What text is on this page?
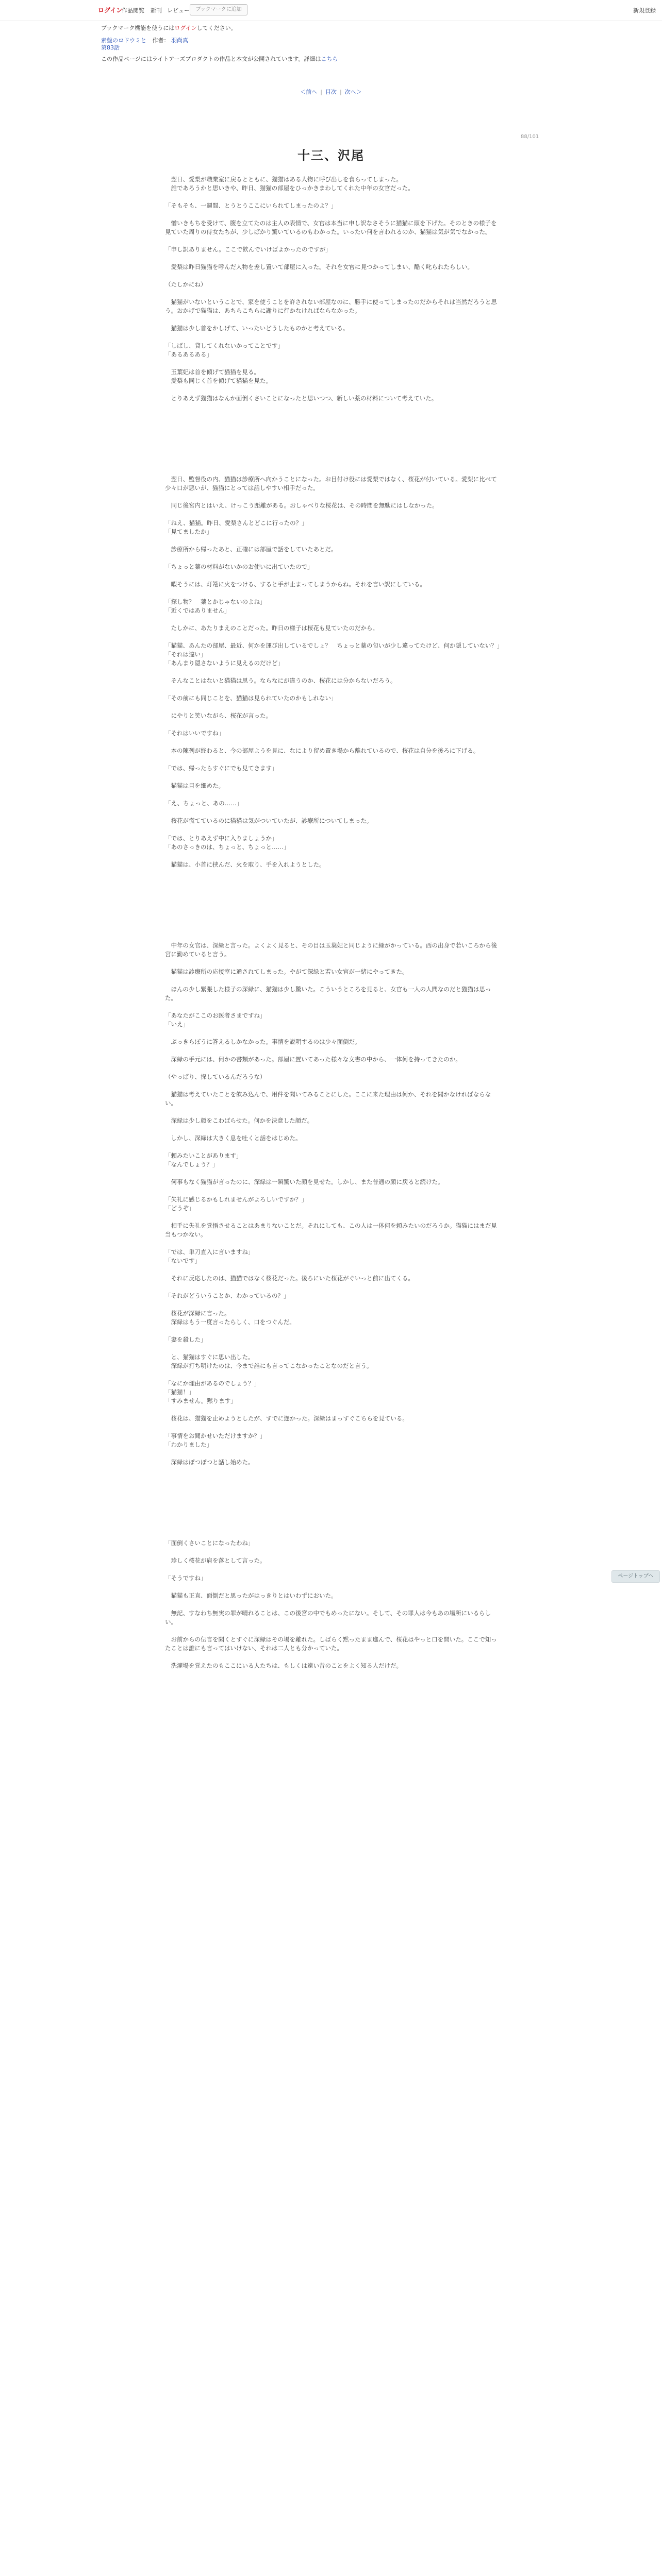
ログイン
作品閲覧 新刊 レビュー	ブックマークに追加	新規登録
ブックマーク機能を使うにはログインしてください。
素盤のロドウミと 作者： 羽尚真
第83話
この作品ページにはライトアーズプロダクトの作品と本文が公開されています。詳細はこちら
＜前へ | 目次 | 次へ＞
88/101
十三、沢尾

　翌日、愛梨が職業室に戻るとともに、猫猫はある人物に呼び出しを食らってしまった。

　誰であろうかと思いきや、昨日、猫猫の部屋をひっかきまわしてくれた中年の女官だった。

「そもそも、一週間、とうとうここにいられてしまったのよ？」

　憎いきもちを受けて、腹を立てたのは主人の表情で、女官は本当に申し訳なさそうに猫猫に頭を下げた。そのときの様子を見ていた周りの侍女たちが、少しばかり驚いているのもわかった。いったい何を言われるのか、猫猫は気が気でなかった。

「申し訳ありません。ここで飲んでいけばよかったのですが」

　愛梨は昨日猫猫を呼んだ人物を差し置いて部屋に入った。それを女官に見つかってしまい、酷く叱られたらしい。

（たしかにね）

　猫猫がいないということで、家を使うことを許されない部屋なのに、勝手に使ってしまったのだからそれは当然だろうと思う。おかげで猫猫は、あちらこちらに謝りに行かなければならなかった。

　猫猫は少し首をかしげて、いったいどうしたものかと考えている。

「しばし、貸してくれないかってことです」

「あるあるある」

　玉葉妃は首を傾げて猫猫を見る。

　愛梨も同じく首を傾げて猫猫を見た。

　とりあえず猫猫はなんか面倒くさいことになったと思いつつ、新しい薬の材料について考えていた。

　翌日、監督役の内、猫猫は診療所へ向かうことになった。お目付け役には愛梨ではなく、桜花が付いている。愛梨に比べて少々口が悪いが、猫猫にとっては話しやすい相手だった。

　同じ後宮内とはいえ、けっこう距離がある。おしゃべりな桜花は、その時間を無駄にはしなかった。

「ねえ、猫猫。昨日、愛梨さんとどこに行ったの？」

「見てましたか」

　診療所から帰ったあと、正確には部屋で話をしていたあとだ。

「ちょっと薬の材料がないかのお使いに出ていたので」

　暇そうには、灯篭に火をつける、すると手が止まってしまうからね。それを言い訳にしている。

「探し物？　薬とかじゃないのよね」

「近くではありません」

　たしかに、あたりまえのことだった。昨日の様子は桜花も見ていたのだから。

「猫猫、あんたの部屋、最近、何かを運び出しているでしょ？　ちょっと薬の匂いが少し違ってたけど、何か隠していない？」

「それは違い」

「あんまり隠さないように見えるのだけど」

　そんなことはないと猫猫は思う。ならなにが違うのか、桜花には分からないだろう。

「その前にも同じことを、猫猫は見られていたのかもしれない」

　にやりと笑いながら、桜花が言った。

「それはいいですね」

　本の陳列が終わると、今の部屋ようを見に、なにより留め置き場から離れているので、桜花は自分を後ろに下げる。

「では、帰ったらすぐにでも見てきます」

　猫猫は目を細めた。

「え、ちょっと、あの……」

　桜花が慌てているのに猫猫は気がついていたが、診療所についてしまった。

「では、とりあえず中に入りましょうか」

「あのさっきのは、ちょっと、ちょっと……」

　猫猫は、小首に挟んだ、火を取り、手を入れようとした。

　中年の女官は、深緑と言った。よくよく見ると、その目は玉葉妃と同じように緑がかっている。西の出身で若いころから後宮に勤めていると言う。

　猫猫は診療所の応接室に通されてしまった。やがて深緑と若い女官が一緒にやってきた。

　ほんの少し緊張した様子の深緑に、猫猫は少し驚いた。こういうところを見ると、女官も一人の人間なのだと猫猫は思った。

「あなたがここのお医者さまですね」

「いえ」

　ぶっきらぼうに答えるしかなかった。事情を説明するのは少々面倒だ。

　深緑の手元には、何かの書類があった。部屋に置いてあった様々な文書の中から、一体何を持ってきたのか。

（やっぱり、探しているんだろうな）

　猫猫は考えていたことを飲み込んで、用件を聞いてみることにした。ここに来た理由は何か、それを聞かなければならない。

　深緑は少し顔をこわばらせた。何かを決意した顔だ。

　しかし、深緑は大きく息を吐くと話をはじめた。

「頼みたいことがあります」

「なんでしょう？」

　何事もなく猫猫が言ったのに、深緑は一瞬驚いた顔を見せた。しかし、また普通の顔に戻ると続けた。

「失礼に感じるかもしれませんがよろしいですか？」

「どうぞ」

　相手に失礼を覚悟させることはあまりないことだ。それにしても、この人は一体何を頼みたいのだろうか。猫猫にはまだ見当もつかない。

「では、単刀直入に言いますね」

「ないです」

　それに反応したのは、猫猫ではなく桜花だった。後ろにいた桜花がぐいっと前に出てくる。

「それがどういうことか、わかっているの？」

　桜花が深緑に言った。

　深緑はもう一度言ったらしく、口をつぐんだ。

「妻を殺した」

　と、猫猫はすぐに思い出した。

　深緑が打ち明けたのは、今まで誰にも言ってこなかったことなのだと言う。

「なにか理由があるのでしょう？」

「猫猫！」

「すみません。黙ります」

　桜花は、猫猫を止めようとしたが、すでに遅かった。深緑はまっすぐこちらを見ている。

「事情をお聞かせいただけますか？」

「わかりました」

　深緑はぽつぽつと話し始めた。

「面倒くさいことになったわね」

　珍しく桜花が肩を落として言った。

「そうですね」

　猫猫も正直、面倒だと思ったがはっきりとはいわずにおいた。

　無記、すなわち無実の罪が晴れることは、この後宮の中でもめったにない。そして、その罪人は今もあの場所にいるらしい。

　お前からの伝言を聞くとすぐに深緑はその場を離れた。しばらく黙ったまま進んで、桜花はやっと口を開いた。ここで知ったことは誰にも言ってはいけない、それは二人とも分かっていた。

　洗濯場を覚えたのもここにいる人たちは、もしくは遠い昔のことをよく知る人だけだ。

ページトップへ
